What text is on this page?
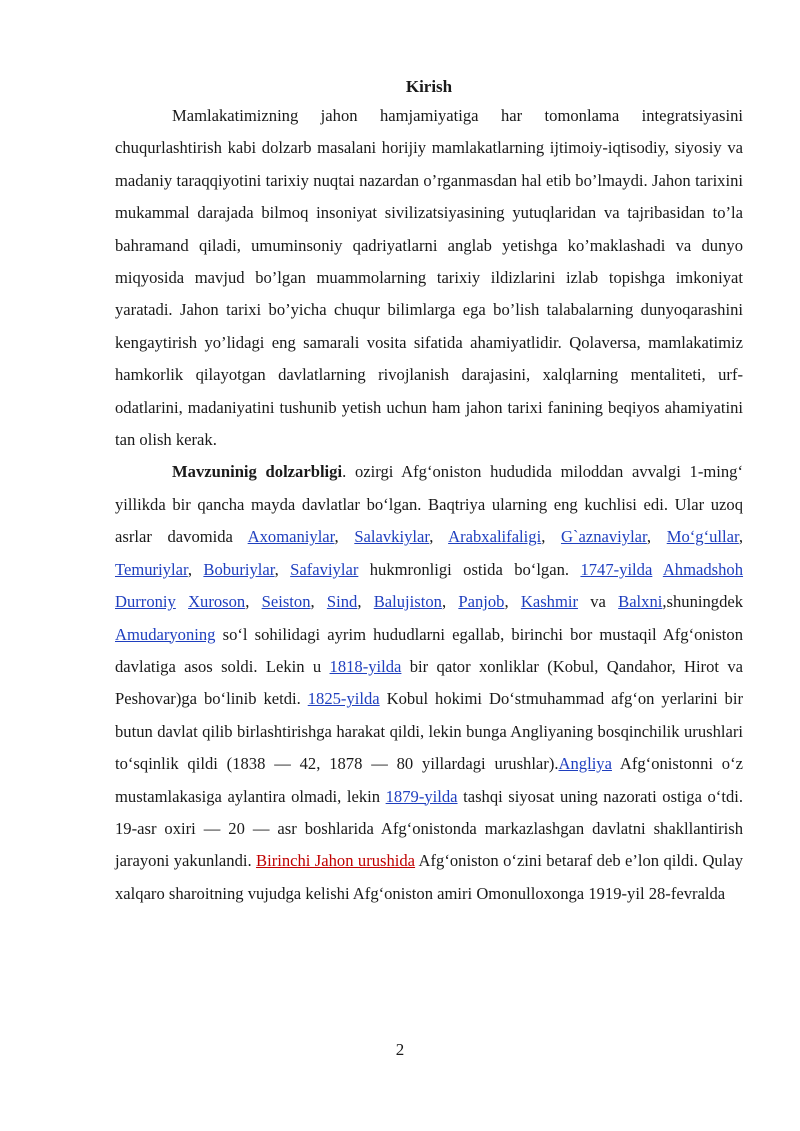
Kirish

Mamlakatimizning jahon hamjamiyatiga har tomonlama integratsiyasini chuqurlashtirish kabi dolzarb masalani horijiy mamlakatlarning ijtimoiy-iqtisodiy, siyosiy va madaniy taraqqiyotini tarixiy nuqtai nazardan o’rganmasdan hal etib bo’lmaydi. Jahon tarixini mukammal darajada bilmoq insoniyat sivilizatsiyasining yutuqlaridan va tajribasidan to’la bahramand qiladi, umuminsoniy qadriyatlarni anglab yetishga ko’maklashadi va dunyo miqyosida mavjud bo’lgan muammolarning tarixiy ildizlarini izlab topishga imkoniyat yaratadi. Jahon tarixi bo’yicha chuqur bilimlarga ega bo’lish talabalarning dunyoqarashini kengaytirish yo’lidagi eng samarali vosita sifatida ahamiyatlidir. Qolaversa, mamlakatimiz hamkorlik qilayotgan davlatlarning rivojlanish darajasini, xalqlarning mentaliteti, urf-odatlarini, madaniyatini tushunib yetish uchun ham jahon tarixi fanining beqiyos ahamiyatini tan olish kerak.

Mavzuninig dolzarbligi. ozirgi Afg‘oniston hududida miloddan avvalgi 1-ming‘ yillikda bir qancha mayda davlatlar bo‘lgan. Baqtriya ularning eng kuchlisi edi. Ular uzoq asrlar davomida Axomaniylar, Salavkiylar, Arabxalifaligi, G`aznaviylar, Mo‘g‘ullar, Temuriylar, Boburiylar, Safaviylar hukmronligi ostida bo‘lgan. 1747-yilda Ahmadshoh Durroniy Xuroson, Seiston, Sind, Balujiston, Panjob, Kashmir va Balxni,shuningdek Amudaryoning so‘l sohilidagi ayrim hududlarni egallab, birinchi bor mustaqil Afg‘oniston davlatiga asos soldi. Lekin u 1818-yilda bir qator xonliklar (Kobul, Qandahor, Hirot va Peshovar)ga bo‘linib ketdi. 1825-yilda Kobul hokimi Do‘stmuhammad afg‘on yerlarini bir butun davlat qilib birlashtirishga harakat qildi, lekin bunga Angliyaning bosqinchilik urushlari to‘sqinlik qildi (1838 — 42, 1878 — 80 yillardagi urushlar).Angliya Afg‘onistonni o‘z mustamlakasiga aylantira olmadi, lekin 1879-yilda tashqi siyosat uning nazorati ostiga o‘tdi. 19-asr oxiri — 20 — asr boshlarida Afg‘onistonda markazlashgan davlatni shakllantirish jarayoni yakunlandi. Birinchi Jahon urushida Afg‘oniston o‘zini betaraf deb e’lon qildi. Qulay xalqaro sharoitning vujudga kelishi Afg‘oniston amiri Omonulloxonga 1919-yil 28-fevralda

2
